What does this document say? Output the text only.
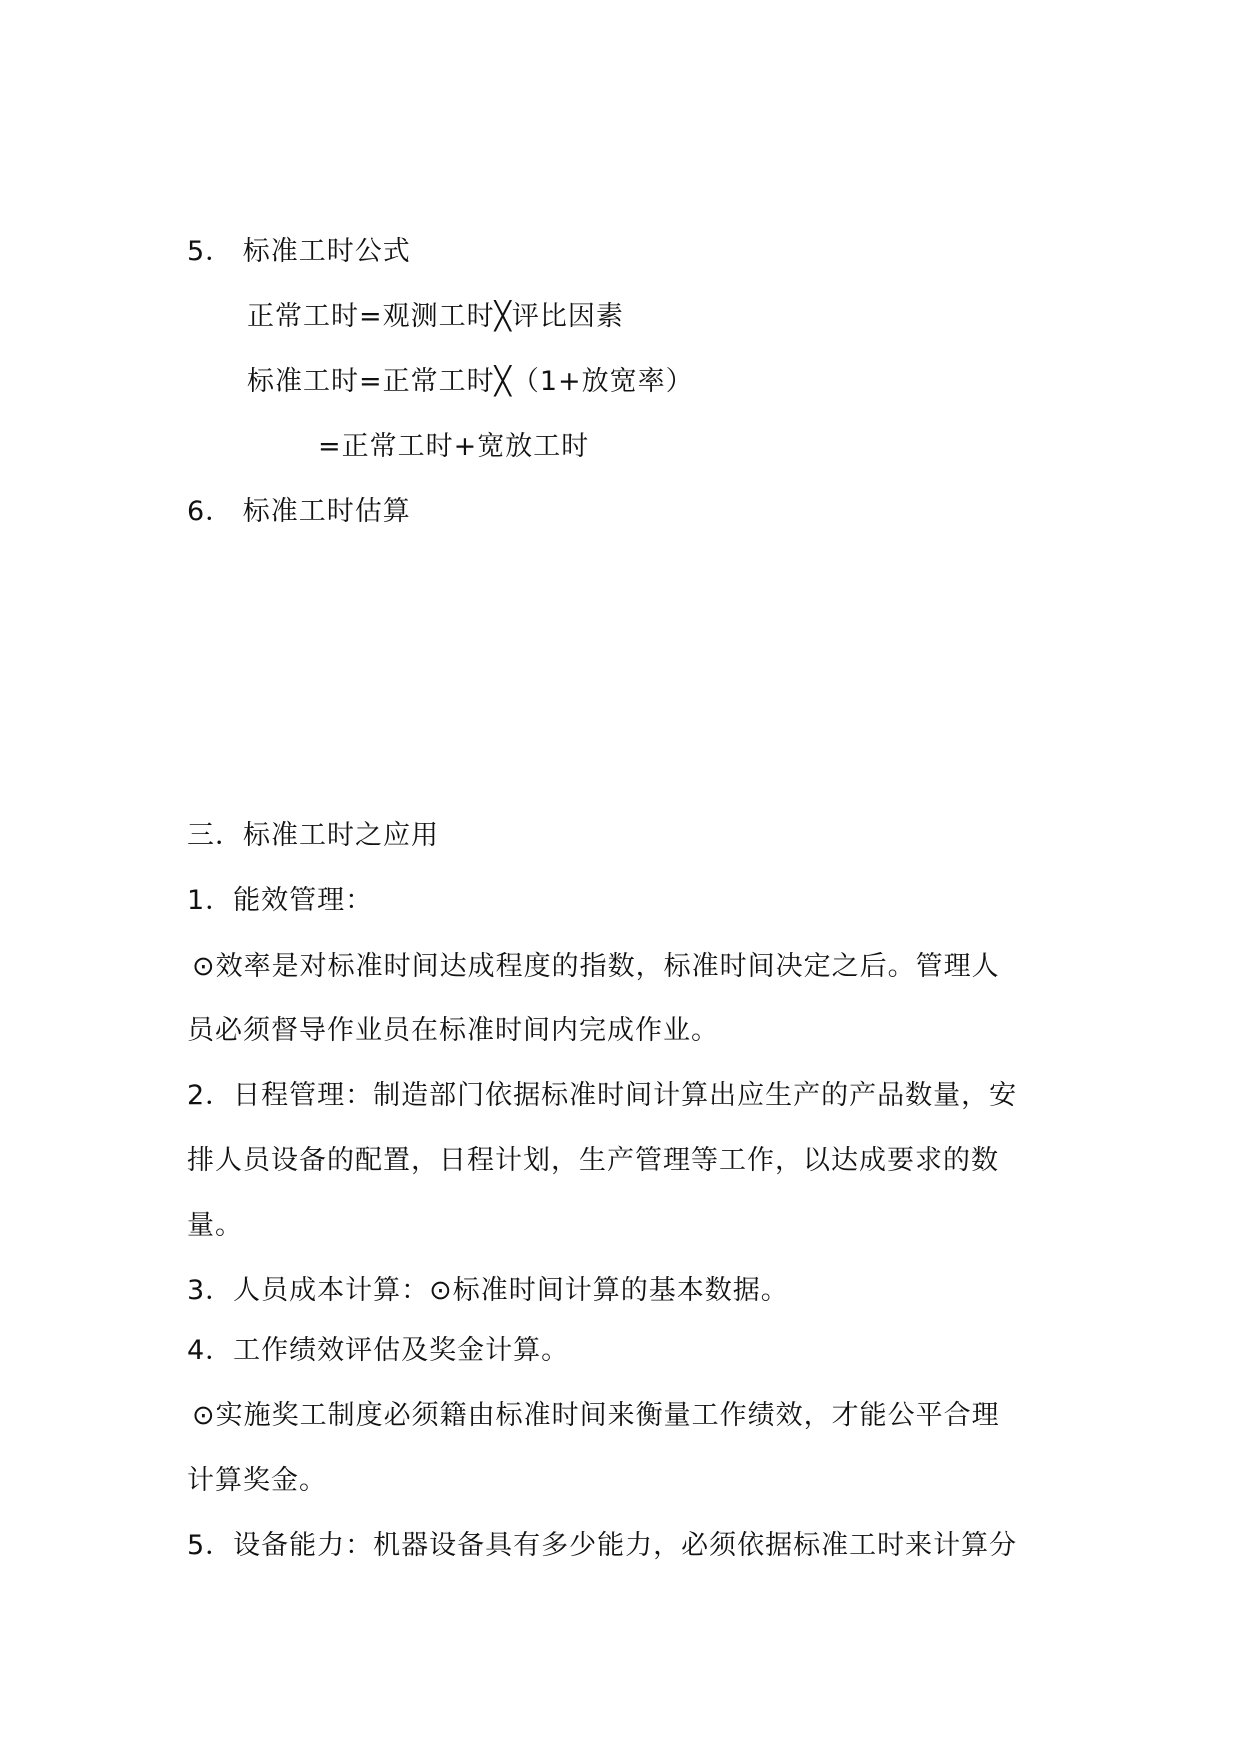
5． 标准工时公式
正常工时=观测工时╳评比因素
标准工时=正常工时╳（1+放宽率）
=正常工时+宽放工时
6． 标准工时估算
三．标准工时之应用
1．能效管理：
⊙效率是对标准时间达成程度的指数，标准时间决定之后。管理人
员必须督导作业员在标准时间内完成作业。
2．日程管理：制造部门依据标准时间计算出应生产的产品数量，安
排人员设备的配置，日程计划，生产管理等工作，以达成要求的数
量。
3．人员成本计算：⊙标准时间计算的基本数据。
4．工作绩效评估及奖金计算。
⊙实施奖工制度必须籍由标准时间来衡量工作绩效，才能公平合理
计算奖金。
5．设备能力：机器设备具有多少能力，必须依据标准工时来计算分
